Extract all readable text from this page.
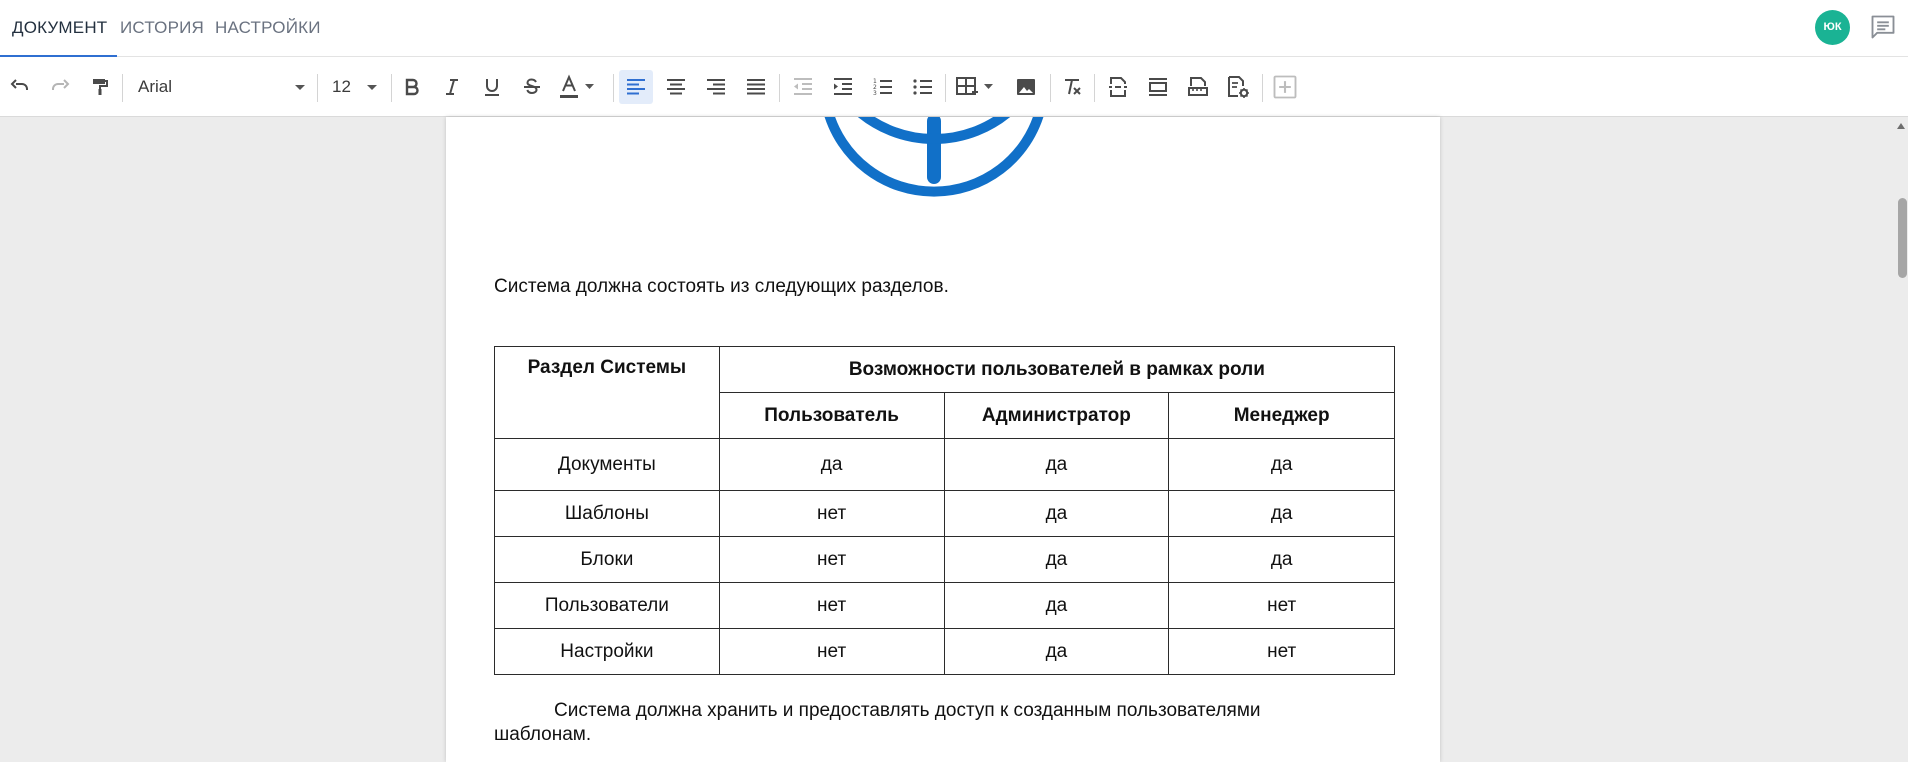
ДОКУМЕНТ ИСТОРИЯ НАСТРОЙКИ	ЮК
Arial	12	1
2
3
Система должна состоять из следующих разделов.
Раздел Системы	Возможности пользователей в рамках роли		
	Пользователь	Администратор	Менеджер
Документы	да	да	да
Шаблоны	нет	да	да
Блоки	нет	да	да
Пользователи	нет	да	нет
Настройки	нет	да	нет
Система должна хранить и предоставлять доступ к созданным пользователями
шаблонам.
